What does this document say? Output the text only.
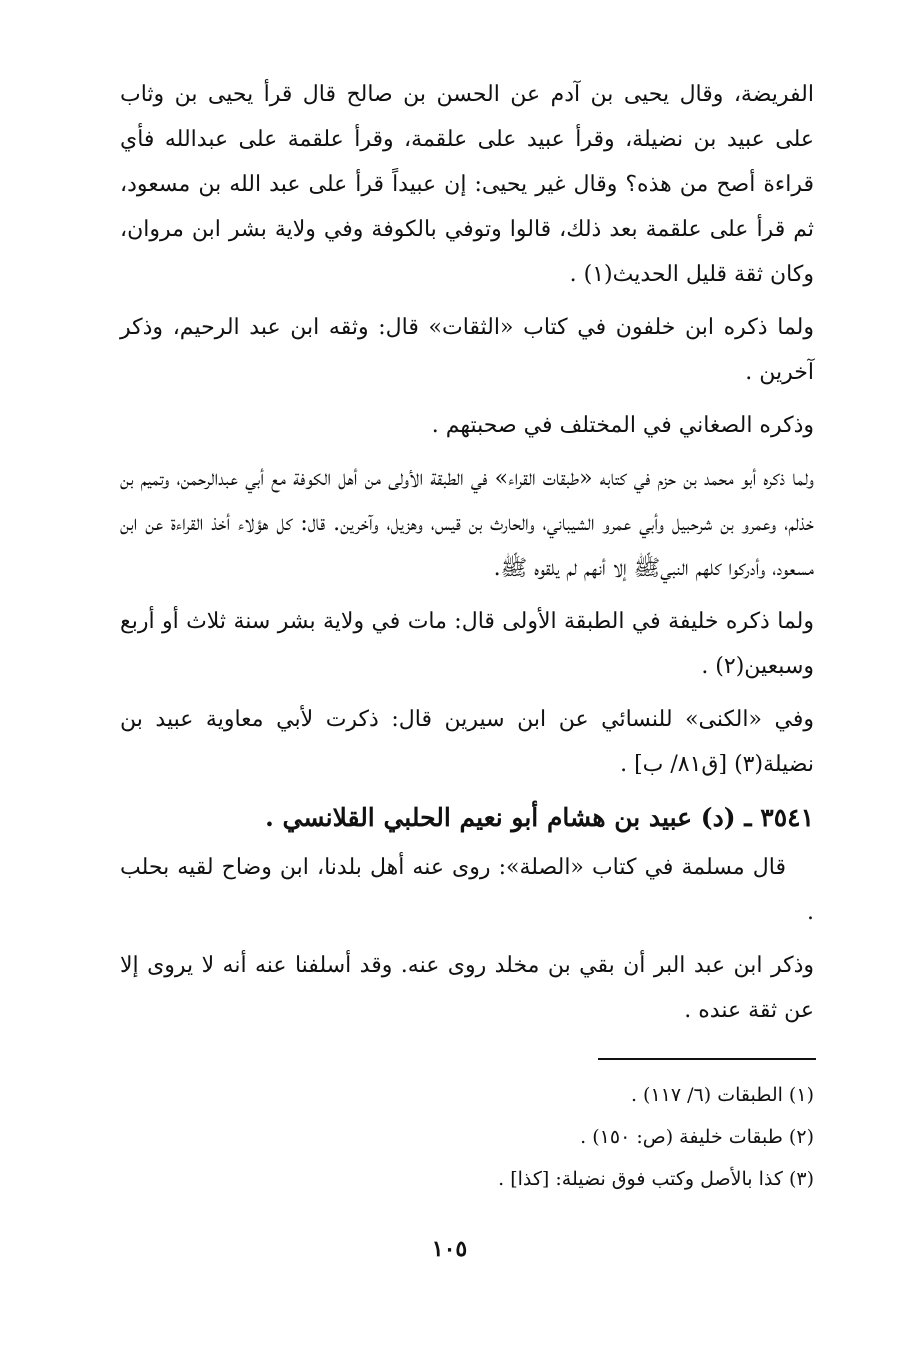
الفريضة، وقال يحيى بن آدم عن الحسن بن صالح قال قرأ يحيى بن وثاب على عبيد بن نضيلة، وقرأ عبيد على علقمة، وقرأ علقمة على عبدالله فأي قراءة أصح من هذه؟ وقال غير يحيى: إن عبيداً قرأ على عبد الله بن مسعود، ثم قرأ على علقمة بعد ذلك، قالوا وتوفي بالكوفة وفي ولاية بشر ابن مروان، وكان ثقة قليل الحديث(١) .

ولما ذكره ابن خلفون في كتاب «الثقات» قال: وثقه ابن عبد الرحيم، وذكر آخرين .

وذكره الصغاني في المختلف في صحبتهم .

ولما ذكره أبو محمد بن حزم في كتابه «طبقات القراء» في الطبقة الأولى من أهل الكوفة مع أبي عبدالرحمن، وتميم بن خذلم، وعمرو بن شرحبيل وأبي عمرو الشيباني، والحارث بن قيس، وهزيل، وآخرين. قال: كل هؤلاء أخذ القراءة عن ابن مسعود، وأدركوا كلهم النبيﷺ إلا أنهم لم يلقوه ﷺ.

ولما ذكره خليفة في الطبقة الأولى قال: مات في ولاية بشر سنة ثلاث أو أربع وسبعين(٢) .

وفي «الكنى» للنسائي عن ابن سيرين قال: ذكرت لأبي معاوية عبيد بن نضيلة(٣) [ق٨١/ ب] .

٣٥٤١ ـ (د) عبيد بن هشام أبو نعيم الحلبي القلانسي .

قال مسلمة في كتاب «الصلة»: روى عنه أهل بلدنا، ابن وضاح لقيه بحلب .

وذكر ابن عبد البر أن بقي بن مخلد روى عنه. وقد أسلفنا عنه أنه لا يروى إلا عن ثقة عنده .

(١) الطبقات (٦/ ١١٧) .

(٢) طبقات خليفة (ص: ١٥٠) .

(٣) كذا بالأصل وكتب فوق نضيلة: [كذا] .

١٠٥
